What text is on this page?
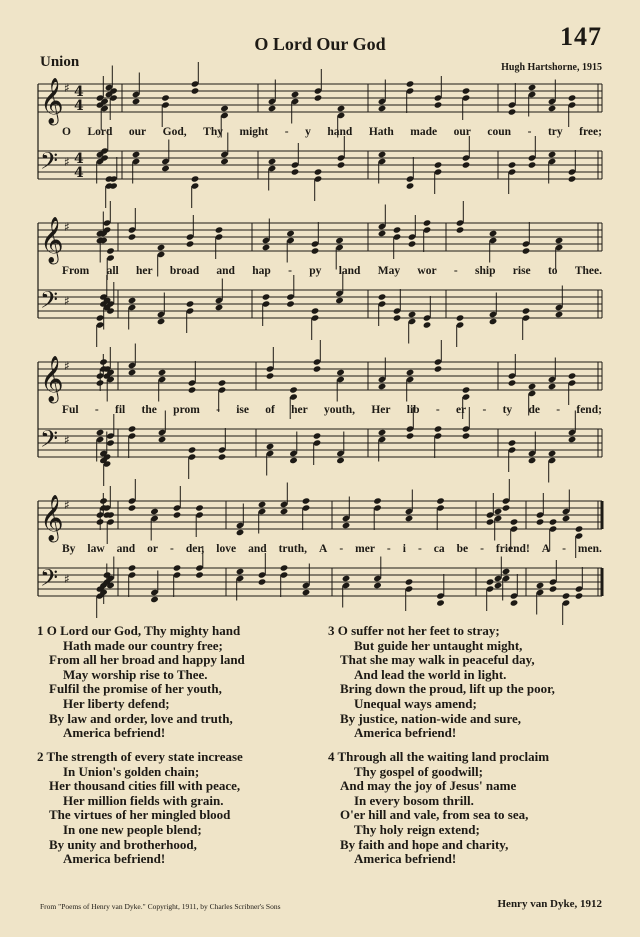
147
O Lord Our God
Union	Hugh Hartshorne, 1915
𝄞 ♯ 4
4
𝄢 ♯ 4
4
𝄞 ♯
𝄢 ♯
𝄞 ♯
𝄢 ♯
𝄞 ♯
𝄢 ♯
O Lord our God, Thy might - y hand Hath made our coun - try free;
From all her broad and hap - py land May wor - ship rise to Thee.
Ful - fil the prom - ise of her youth, Her lib - er - ty de - fend;
By law and or - der, love and truth, A - mer - i - ca be - friend! A - men.
1 O Lord our God, Thy mighty hand
Hath made our country free;
From all her broad and happy land
May worship rise to Thee.
Fulfil the promise of her youth,
Her liberty defend;
By law and order, love and truth,
America befriend!
2 The strength of every state increase
In Union's golden chain;
Her thousand cities fill with peace,
Her million fields with grain.
The virtues of her mingled blood
In one new people blend;
By unity and brotherhood,
America befriend!
3 O suffer not her feet to stray;
But guide her untaught might,
That she may walk in peaceful day,
And lead the world in light.
Bring down the proud, lift up the poor,
Unequal ways amend;
By justice, nation-wide and sure,
America befriend!
4 Through all the waiting land proclaim
Thy gospel of goodwill;
And may the joy of Jesus' name
In every bosom thrill.
O'er hill and vale, from sea to sea,
Thy holy reign extend;
By faith and hope and charity,
America befriend!
From "Poems of Henry van Dyke." Copyright, 1911, by Charles Scribner's Sons	Henry van Dyke, 1912
